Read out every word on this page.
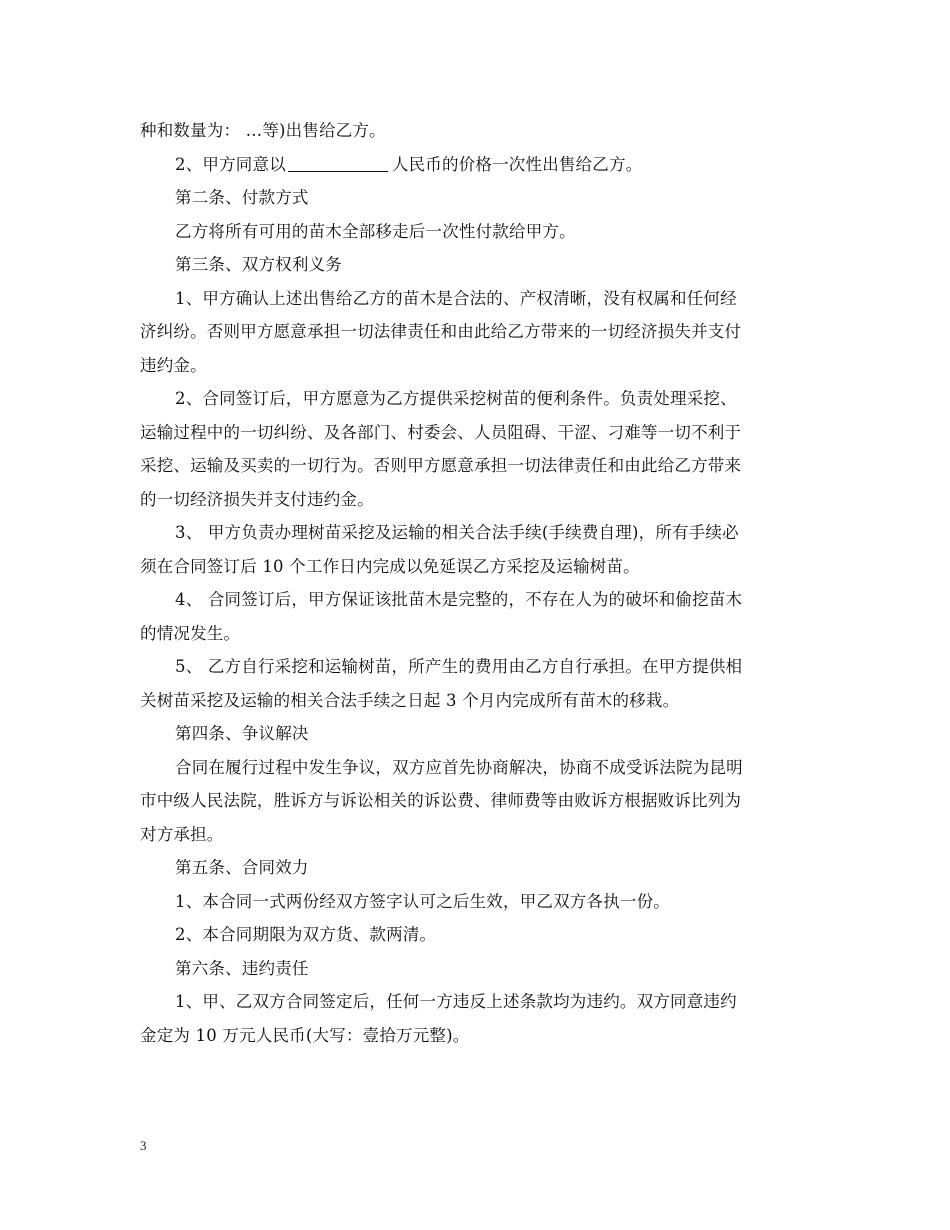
种和数量为： …等)出售给乙方。
2、甲方同意以	人民币的价格一次性出售给乙方。
第二条、付款方式
乙方将所有可用的苗木全部移走后一次性付款给甲方。
第三条、双方权利义务
1、甲方确认上述出售给乙方的苗木是合法的、产权清晰，没有权属和任何经
济纠纷。否则甲方愿意承担一切法律责任和由此给乙方带来的一切经济损失并支付
违约金。
2、合同签订后，甲方愿意为乙方提供采挖树苗的便利条件。负责处理采挖、
运输过程中的一切纠纷、及各部门、村委会、人员阻碍、干涩、刁难等一切不利于
采挖、运输及买卖的一切行为。否则甲方愿意承担一切法律责任和由此给乙方带来
的一切经济损失并支付违约金。
3、 甲方负责办理树苗采挖及运输的相关合法手续(手续费自理)，所有手续必
须在合同签订后 10 个工作日内完成以免延误乙方采挖及运输树苗。
4、 合同签订后，甲方保证该批苗木是完整的，不存在人为的破坏和偷挖苗木
的情况发生。
5、 乙方自行采挖和运输树苗，所产生的费用由乙方自行承担。在甲方提供相
关树苗采挖及运输的相关合法手续之日起 3 个月内完成所有苗木的移栽。
第四条、争议解决
合同在履行过程中发生争议，双方应首先协商解决，协商不成受诉法院为昆明
市中级人民法院，胜诉方与诉讼相关的诉讼费、律师费等由败诉方根据败诉比列为
对方承担。
第五条、合同效力
1、本合同一式两份经双方签字认可之后生效，甲乙双方各执一份。
2、本合同期限为双方货、款两清。
第六条、违约责任
1、甲、乙双方合同签定后，任何一方违反上述条款均为违约。双方同意违约
金定为 10 万元人民币(大写：壹拾万元整)。
3
